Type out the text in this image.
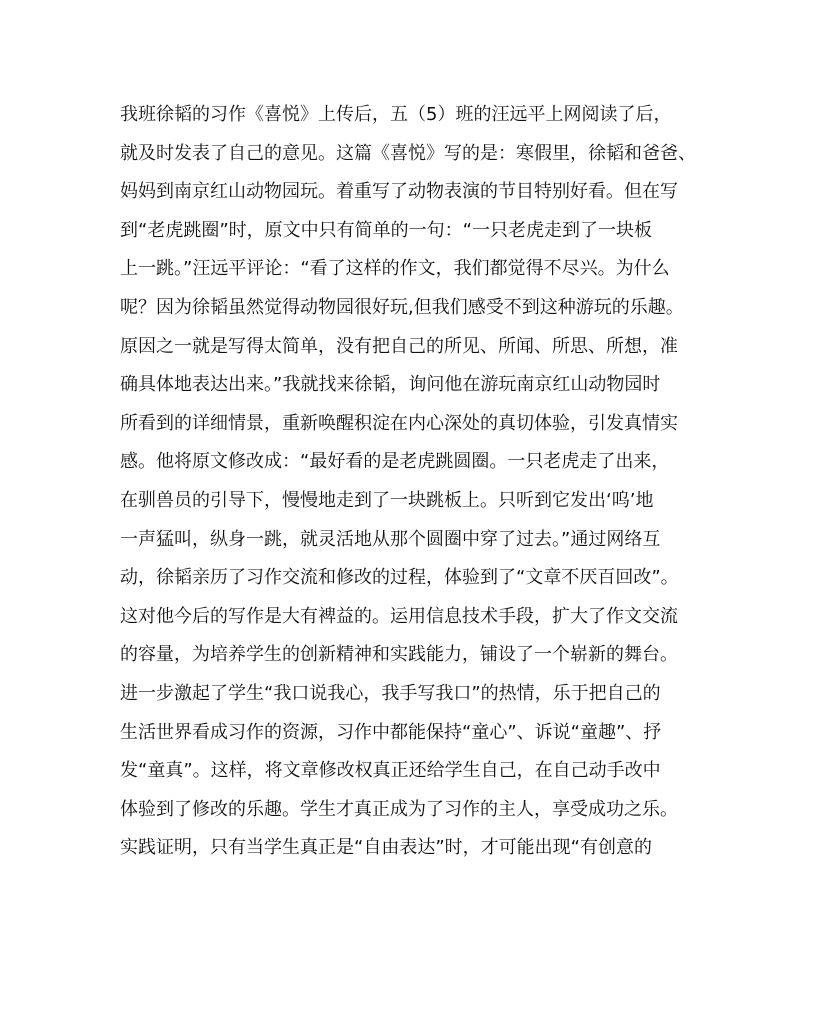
我班徐韬的习作《喜悦》上传后，五（5）班的汪远平上网阅读了后，
就及时发表了自己的意见。这篇《喜悦》写的是：寒假里，徐韬和爸爸、
妈妈到南京红山动物园玩。着重写了动物表演的节目特别好看。但在写
到“老虎跳圈”时，原文中只有简单的一句：“一只老虎走到了一块板
上一跳。”汪远平评论：“看了这样的作文，我们都觉得不尽兴。为什么
呢？因为徐韬虽然觉得动物园很好玩,但我们感受不到这种游玩的乐趣。
原因之一就是写得太简单，没有把自己的所见、所闻、所思、所想，准
确具体地表达出来。”我就找来徐韬，询问他在游玩南京红山动物园时
所看到的详细情景，重新唤醒积淀在内心深处的真切体验，引发真情实
感。他将原文修改成：“最好看的是老虎跳圆圈。一只老虎走了出来，
在驯兽员的引导下，慢慢地走到了一块跳板上。只听到它发出‘呜’地
一声猛叫，纵身一跳，就灵活地从那个圆圈中穿了过去。”通过网络互
动，徐韬亲历了习作交流和修改的过程，体验到了“文章不厌百回改”。
这对他今后的写作是大有裨益的。运用信息技术手段，扩大了作文交流
的容量，为培养学生的创新精神和实践能力，铺设了一个崭新的舞台。
进一步激起了学生“我口说我心，我手写我口”的热情，乐于把自己的
生活世界看成习作的资源，习作中都能保持“童心”、诉说“童趣”、抒
发“童真”。这样，将文章修改权真正还给学生自己，在自己动手改中
体验到了修改的乐趣。学生才真正成为了习作的主人，享受成功之乐。
实践证明，只有当学生真正是“自由表达”时，才可能出现“有创意的
